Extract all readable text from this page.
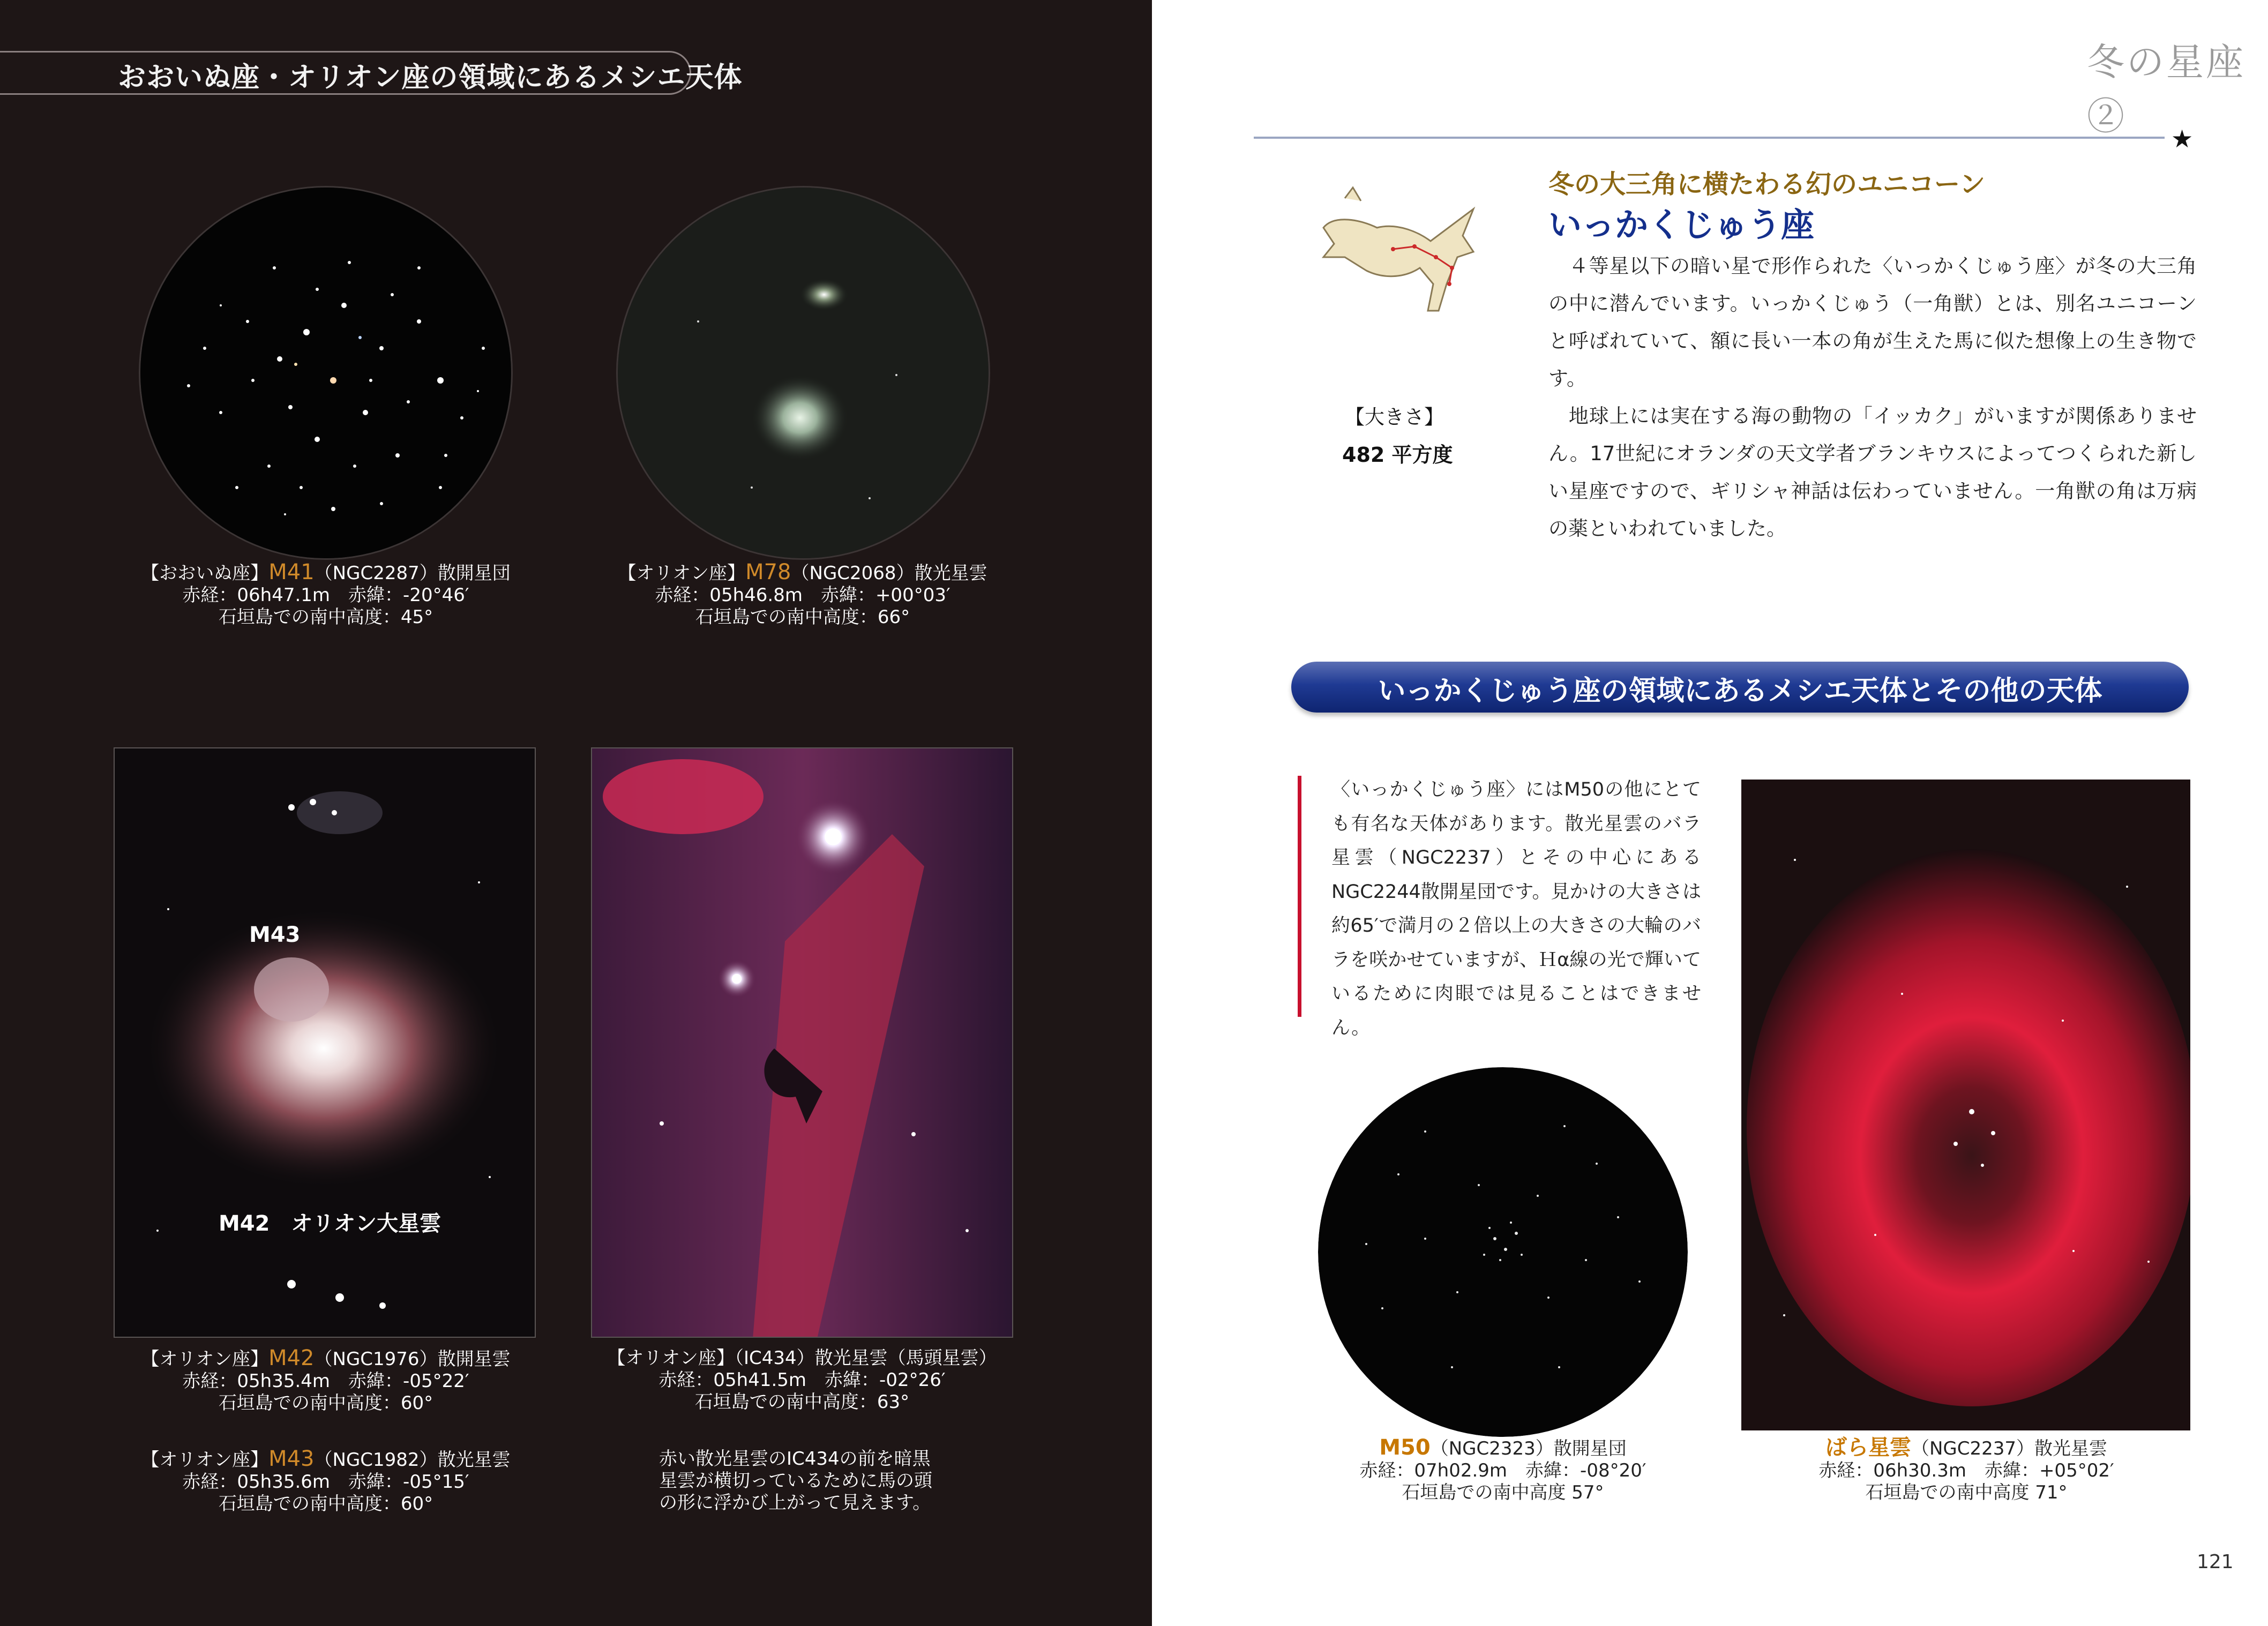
おおいぬ座・オリオン座の領域にあるメシエ天体
【おおいぬ座】M41（NGC2287）散開星団
赤経：06h47.1m　赤緯：-20°46′
石垣島での南中高度：45°
【オリオン座】M78（NGC2068）散光星雲
赤経：05h46.8m　赤緯：+00°03′
石垣島での南中高度：66°
M43
M42　オリオン大星雲
【オリオン座】M42（NGC1976）散開星雲
赤経：05h35.4m　赤緯：-05°22′
石垣島での南中高度：60°
【オリオン座】（IC434）散光星雲（馬頭星雲）
赤経：05h41.5m　赤緯：-02°26′
石垣島での南中高度：63°
【オリオン座】M43（NGC1982）散光星雲
赤経：05h35.6m　赤緯：-05°15′
石垣島での南中高度：60°
赤い散光星雲のIC434の前を暗黒
星雲が横切っているために馬の頭
の形に浮かび上がって見えます。
冬の星座②
★
冬の大三角に横たわる幻のユニコーン
いっかくじゅう座
　４等星以下の暗い星で形作られた〈いっかくじゅう座〉が冬の大三角の中に潜んでいます。いっかくじゅう（一角獣）とは、別名ユニコーンと呼ばれていて、額に長い一本の角が生えた馬に似た想像上の生き物です。
　地球上には実在する海の動物の「イッカク」がいますが関係ありません。17世紀にオランダの天文学者ブランキウスによってつくられた新しい星座ですので、ギリシャ神話は伝わっていません。一角獣の角は万病の薬といわれていました。
【大きさ】
482 平方度
いっかくじゅう座の領域にあるメシエ天体とその他の天体
〈いっかくじゅう座〉にはM50の他にとても有名な天体があります。散光星雲のバラ星雲（NGC2237）とその中心にあるNGC2244散開星団です。見かけの大きさは約65′で満月の２倍以上の大きさの大輪のバラを咲かせていますが、Ｈα線の光で輝いているために肉眼では見ることはできません。
M50（NGC2323）散開星団
赤経：07h02.9m　赤緯：-08°20′
石垣島での南中高度 57°
ばら星雲（NGC2237）散光星雲
赤経：06h30.3m　赤緯：+05°02′
石垣島での南中高度 71°
121
